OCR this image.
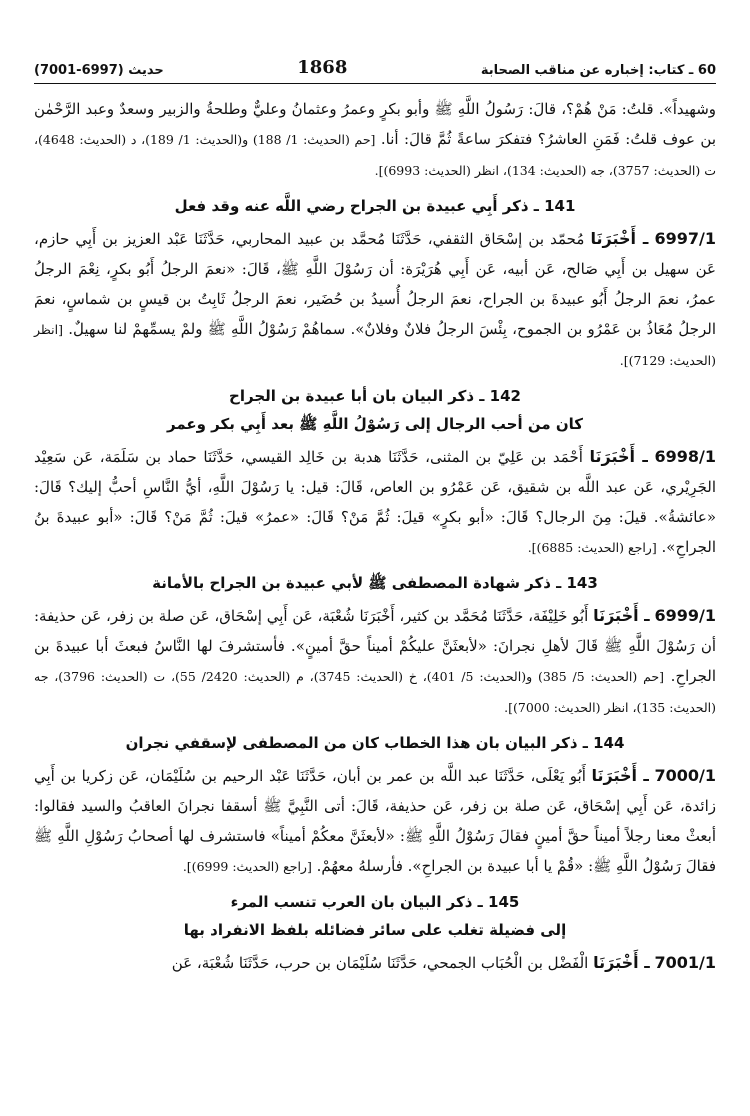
60 ـ كتاب: إخباره عن مناقب الصحابة
1868
حديث (6997-7001)

وشهيداً». قلتُ: مَنْ هُمْ؟، قالَ: رَسُولُ اللَّهِ ﷺ وأبو بكرٍ وعمرُ وعثمانُ وعليٌّ وطلحةُ والزبير وسعدٌ وعبد الرَّحْمٰن بن عوف قلتُ: فَمَنِ العاشرُ؟ فتفكرَ ساعةً ثُمَّ قالَ: أنا. [حم (الحديث: 1/ 188) و(الحديث: 1/ 189)، د (الحديث: 4648)، ت (الحديث: 3757)، جه (الحديث: 134)، انظر (الحديث: 6993)].

141 ـ ذكر أَبِي عبيدة بن الجراح رضي اللَّه عنه وقد فعل

6997/1 ـ أَخْبَرَنَا مُحمّد بن إسْحَاق الثقفي، حَدَّثَنَا مُحمَّد بن عبيد المحاربي، حَدَّثَنَا عَبْد العزيز بن أَبِي حازم، عَن سهيل بن أَبِي صَالح، عَن أبيه، عَن أَبِي هُرَيْرَة: أن رَسُوْلَ اللَّهِ ﷺ، قَالَ: «نعمَ الرجلُ أَبُو بكرٍ، نِعْمَ الرجلُ عمرُ، نعمَ الرجلُ أَبُو عبيدةَ بن الجراح، نعمَ الرجلُ أُسيدُ بن حُضَير، نعمَ الرجلُ ثَابِتُ بن قيسٍ بن شماسٍ، نعمَ الرجلُ مُعَاذُ بن عَمْرُو بن الجموح، بِئْسَ الرجلُ فلانٌ وفلانٌ». سماهُمْ رَسُوْلُ اللَّهِ ﷺ ولمْ يسمِّهمْ لنا سهيلٌ. [انظر (الحديث: 7129)].

142 ـ ذكر البيان بان أبا عبيدة بن الجراح
كان من أحب الرجال إلى رَسُوْلُ اللَّهِ ﷺ بعد أَبِي بكر وعمر

6998/1 ـ أَخْبَرَنَا أَحْمَد بن عَلِيّ بن المثنى، حَدَّثَنَا هدبة بن خَالِد القيسي، حَدَّثَنَا حماد بن سَلَمَة، عَن سَعِيْد الجَرِيْري، عَن عبد اللَّه بن شقيق، عَن عَمْرُو بن العاص، قَالَ: قيل: يا رَسُوْلَ اللَّهِ، أيُّ النَّاسِ أحبُّ إليك؟ قَالَ: «عائشةُ». قيلَ: مِنَ الرجال؟ قَالَ: «أبو بكرٍ» قيلَ: ثُمَّ مَنْ؟ قَالَ: «عمرُ» قيلَ: ثُمَّ مَنْ؟ قَالَ: «أبو عبيدةَ بنُ الجراحِ». [راجع (الحديث: 6885)].

143 ـ ذكر شهادة المصطفى ﷺ لأبي عبيدة بن الجراح بالأمانة

6999/1 ـ أَخْبَرَنَا أَبُو خَلِيْفَة، حَدَّثَنَا مُحَمَّد بن كثير، أَخْبَرَنَا شُعْبَة، عَن أَبِي إسْحَاق، عَن صلة بن زفر، عَن حذيفة: أن رَسُوْلَ اللَّهِ ﷺ قَالَ لأهلِ نجرانَ: «لأبعثَنَّ عليكُمْ أميناً حقَّ أمينٍ». فأستشرفَ لها النَّاسُ فبعثَ أبا عبيدةَ بن الجراحِ. [حم (الحديث: 5/ 385) و(الحديث: 5/ 401)، خ (الحديث: 3745)، م (الحديث: 2420/ 55)، ت (الحديث: 3796)، جه (الحديث: 135)، انظر (الحديث: 7000)].

144 ـ ذكر البيان بان هذا الخطاب كان من المصطفى لإسقفي نجران

7000/1 ـ أَخْبَرَنَا أَبُو يَعْلَى، حَدَّثَنَا عبد اللَّه بن عمر بن أبان، حَدَّثَنَا عَبْد الرحيم بن سُلَيْمَان، عَن زكريا بن أَبِي زائدة، عَن أَبِي إسْحَاق، عَن صلة بن زفر، عَن حذيفة، قَالَ: أتى النَّبِيَّ ﷺ أسقفا نجرانَ العاقبُ والسيد فقالوا: أبعثْ معنا رجلاً أميناً حقَّ أمينٍ فقالَ رَسُوْلُ اللَّهِ ﷺ: «لأبعثَنَّ معكُمْ أميناً» فاستشرف لها أصحابُ رَسُوْلِ اللَّهِ ﷺ فقالَ رَسُوْلُ اللَّهِ ﷺ: «قُمْ يا أبا عبيدة بن الجراحِ». فأرسلهُ معهُمْ. [راجع (الحديث: 6999)].

145 ـ ذكر البيان بان العرب تنسب المرء
إلى فضيلة تغلب على سائر فضائله بلفظ الانفراد بها

7001/1 ـ أَخْبَرَنَا الْفَضْل بن الْحُبَاب الجمحي، حَدَّثَنَا سُلَيْمَان بن حرب، حَدَّثَنَا شُعْبَة، عَن
